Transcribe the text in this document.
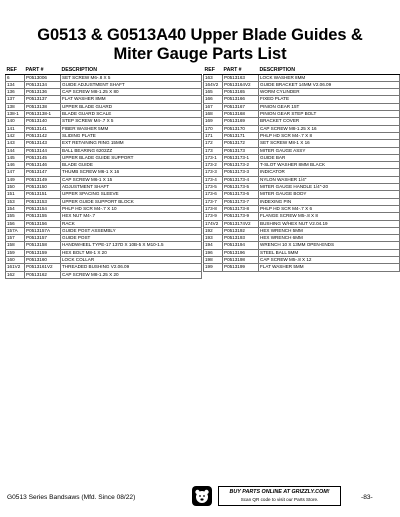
G0513 & G0513A40 Upper Blade Guides &
Miter Gauge Parts List
REF	PART #	DESCRIPTION
6	P0513006	SET SCREW M6-.8 X 5
134	P0513134	GUIDE ADJUSTMENT SHAFT
136	P0513136	CAP SCREW M8-1.25 X 80
137	P0513137	FLAT WASHER 8MM
138	P0513138	UPPER BLADE GUARD
138-1	P0513138-1	BLADE GUARD SCALE
140	P0513140	STEP SCREW M4-.7 X 5
141	P0513141	FIBER WASHER 5MM
142	P0513142	SLIDING PLATE
143	P0513143	EXT RETAINING RING 15MM
144	P0513144	BALL BEARING 6202ZZ
145	P0513145	UPPER BLADE GUIDE SUPPORT
146	P0513146	BLADE GUIDE
147	P0513147	THUMB SCREW M6-1 X 16
149	P0513149	CAP SCREW M6-1 X 15
150	P0513150	ADJUSTMENT SHAFT
151	P0513151	UPPER SPACING SLEEVE
153	P0513153	UPPER GUIDE SUPPORT BLOCK
154	P0513154	PHLP HD SCR M4-.7 X 10
155	P0513155	HEX NUT M4-.7
156	P0513156	RACK
157A	P0513157A	GUIDE POST ASSEMBLY
157	P0513157	GUIDE POST
158	P0513158	HANDWHEEL TYPE-17 137D X 10B-5 X M10-1.5
159	P0513159	HEX BOLT M8-1 X 20
160	P0513160	LOCK COLLAR
161V2	P0513161V2	THREADED BUSHING V2.06.09
162	P0513162	CAP SCREW M8-1.25 X 20
REF	PART #	DESCRIPTION
163	P0513163	LOCK WASHER 8MM
164V2	P0513164V2	GUIDE BRACKET 14MM V2.06.09
165	P0513165	WORM CYLINDER
166	P0513166	FIXED PLATE
167	P0513167	PINION GEAR 15T
168	P0513168	PINION GEAR STEP BOLT
169	P0513169	BRACKET COVER
170	P0513170	CAP SCREW M8-1.25 X 16
171	P0513171	PHLP HD SCR M4-.7 X 8
172	P0513172	SET SCREW M8-1 X 16
173	P0513173	MITER GAUGE ASSY
173-1	P0513173-1	GUIDE BAR
173-2	P0513173-2	T-SLOT WASHER 8MM BLACK
173-3	P0513173-3	INDICATOR
173-4	P0513173-4	NYLON WASHER 1/4"
173-5	P0513173-5	MITER GAUGE HANDLE 1/4"-20
173-6	P0513173-6	MITER GAUGE BODY
173-7	P0513173-7	INDEXING PIN
173-8	P0513173-8	PHLP HD SCR M4-.7 X 6
173-9	P0513173-9	FLANGE SCREW M5-.8 X 8
174V2	P0513174V2	BUSHING W/HEX NUT V2.04.19
192	P0513192	HEX WRENCH 5MM
193	P0513193	HEX WRENCH 6MM
194	P0513194	WRENCH 10 X 13MM OPEN-ENDS
196	P0513196	STEEL BALL 5MM
198	P0513198	CAP SCREW M5-.8 X 12
199	P0513199	FLAT WASHER 5MM
G0513 Series Bandsaws (Mfd. Since 08/22)
BUY PARTS ONLINE AT GRIZZLY.COM!
Scan QR code to visit our Parts Store.	-83-
